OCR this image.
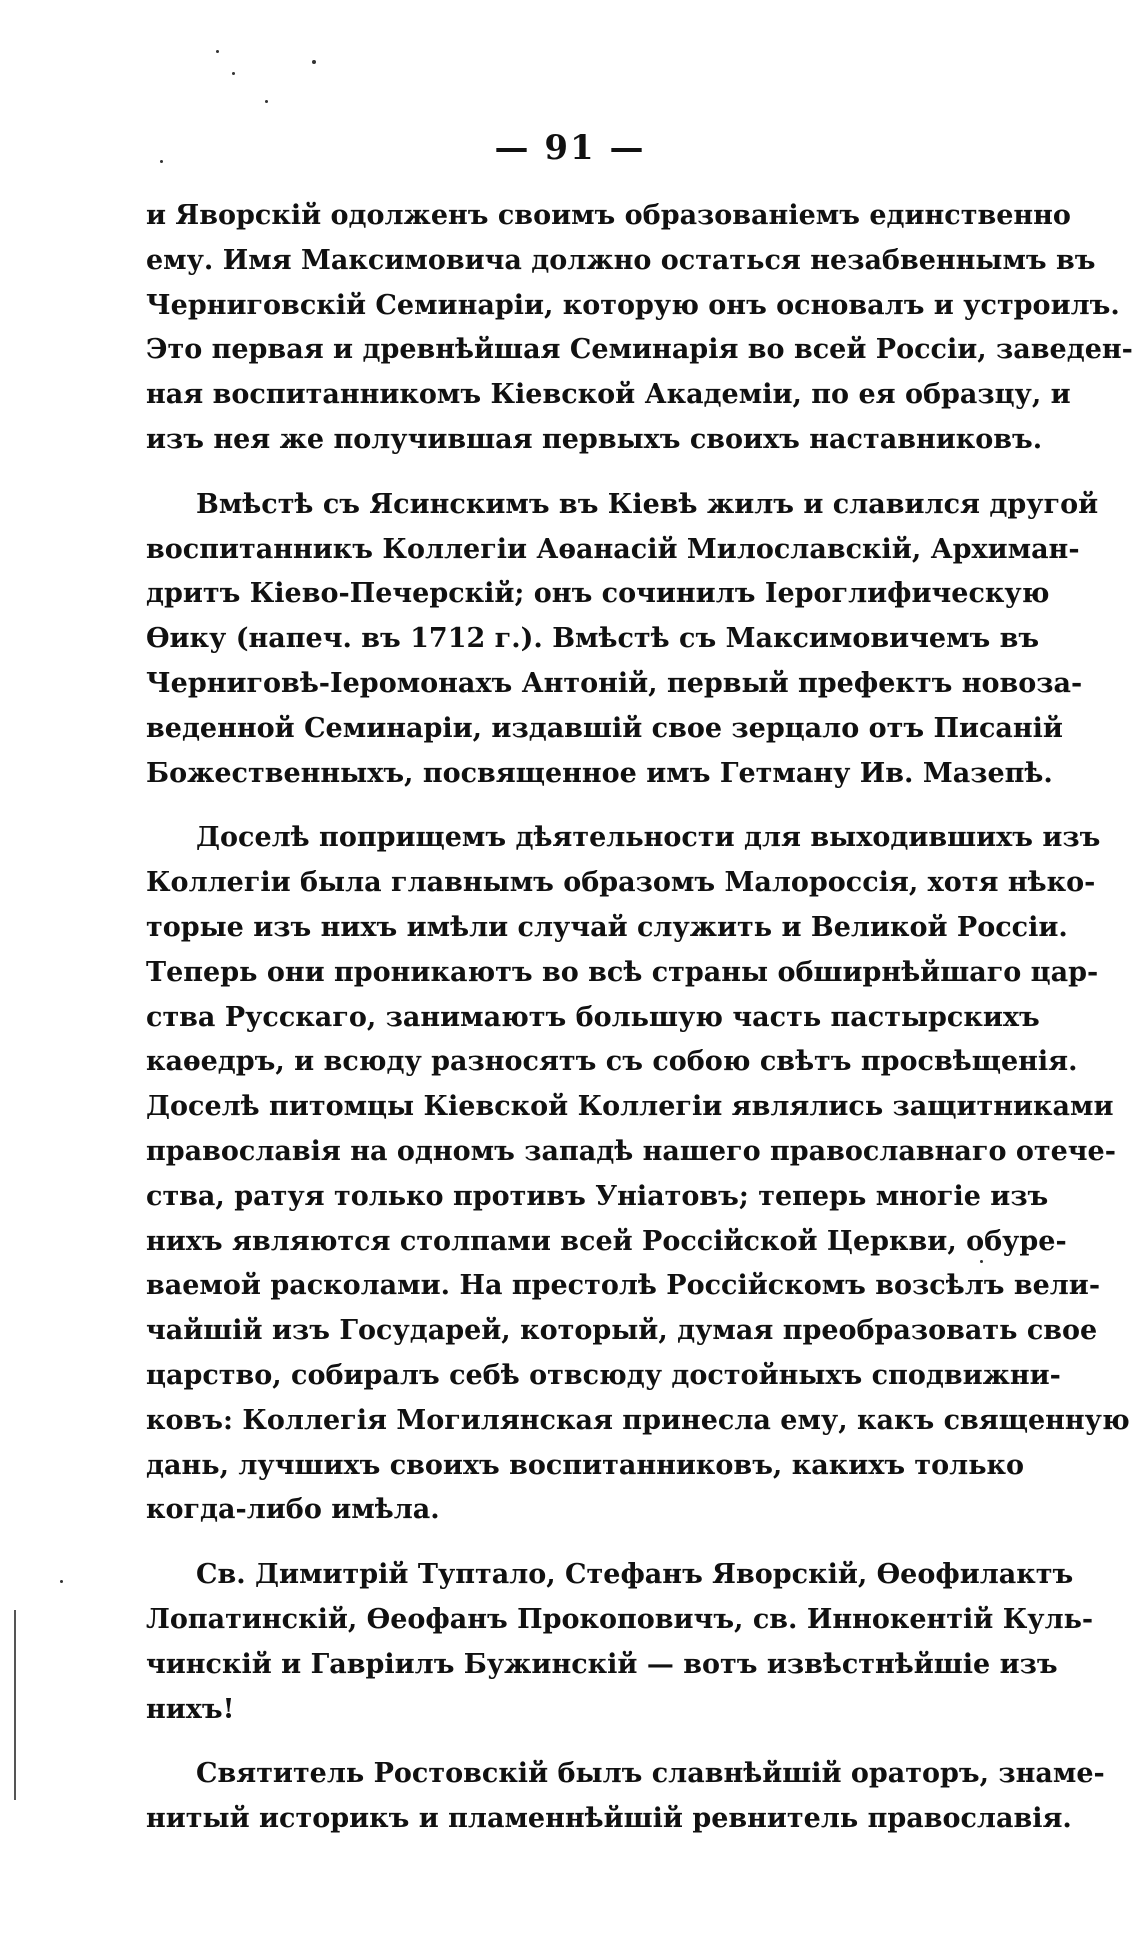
— 91 —
и Яворскій одолженъ своимъ образованіемъ единственно
ему. Имя Максимовича должно остаться незабвеннымъ въ
Черниговскій Семинаріи, которую онъ основалъ и устроилъ.
Это первая и древнѣйшая Семинарія во всей Россіи, заведен-
ная воспитанникомъ Кіевской Академіи, по ея образцу, и
изъ нея же получившая первыхъ своихъ наставниковъ.
Вмѣстѣ съ Ясинскимъ въ Кіевѣ жилъ и славился другой
воспитанникъ Коллегіи Аѳанасій Милославскій, Архиман-
дритъ Кіево-Печерскій; онъ сочинилъ Іероглифическую
Ѳику (напеч. въ 1712 г.). Вмѣстѣ съ Максимовичемъ въ
Черниговѣ-Іеромонахъ Антоній, первый префектъ новоза-
веденной Семинаріи, издавшій свое зерцало отъ Писаній
Божественныхъ, посвященное имъ Гетману Ив. Мазепѣ.
Доселѣ поприщемъ дѣятельности для выходившихъ изъ
Коллегіи была главнымъ образомъ Малороссія, хотя нѣко-
торые изъ нихъ имѣли случай служить и Великой Россіи.
Теперь они проникаютъ во всѣ страны обширнѣйшаго цар-
ства Русскаго, занимаютъ большую часть пастырскихъ
каѳедръ, и всюду разносятъ съ собою свѣтъ просвѣщенія.
Доселѣ питомцы Кіевской Коллегіи являлись защитниками
православія на одномъ западѣ нашего православнаго отече-
ства, ратуя только противъ Уніатовъ; теперь многіе изъ
нихъ являются столпами всей Россійской Церкви, обуре-
ваемой расколами. На престолѣ Россійскомъ возсѣлъ вели-
чайшій изъ Государей, который, думая преобразовать свое
царство, собиралъ себѣ отвсюду достойныхъ сподвижни-
ковъ: Коллегія Могилянская принесла ему, какъ священную
дань, лучшихъ своихъ воспитанниковъ, какихъ только
когда-либо имѣла.
Св. Димитрій Туптало, Стефанъ Яворскій, Ѳеофилактъ
Лопатинскій, Ѳеофанъ Прокоповичъ, св. Иннокентій Куль-
чинскій и Гавріилъ Бужинскій — вотъ извѣстнѣйшіе изъ
нихъ!
Святитель Ростовскій былъ славнѣйшій ораторъ, знаме-
нитый историкъ и пламеннѣйшій ревнитель православія.
